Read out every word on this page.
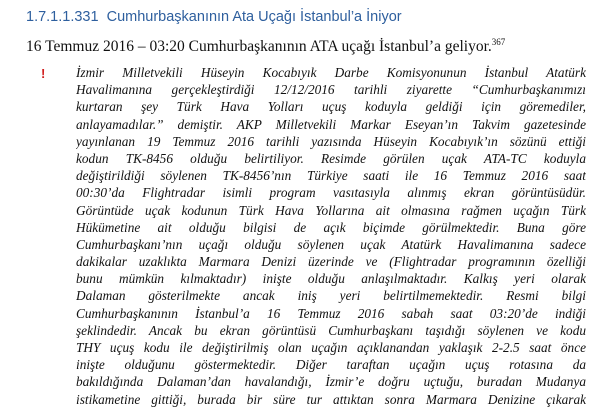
1.7.1.1.331 Cumhurbaşkanının Ata Uçağı İstanbul’a İniyor
16 Temmuz 2016 – 03:20 Cumhurbaşkanının ATA uçağı İstanbul’a geliyor.$^{367}$
! İzmir Milletvekili Hüseyin Kocabıyık Darbe Komisyonunun İstanbul Atatürk
Havalimanına gerçekleştirdiği 12/12/2016 tarihli ziyarette “Cumhurbaşkanımızı
kurtaran şey Türk Hava Yolları uçuş koduyla geldiği için göremediler,
anlayamadılar.” demiştir. AKP Milletvekili Markar Eseyan’ın Takvim gazetesinde
yayınlanan 19 Temmuz 2016 tarihli yazısında Hüseyin Kocabıyık’ın sözünü ettiği
kodun TK-8456 olduğu belirtiliyor. Resimde görülen uçak ATA-TC koduyla
değiştirildiği söylenen TK-8456’nın Türkiye saati ile 16 Temmuz 2016 saat
00:30’da Flightradar isimli program vasıtasıyla alınmış ekran görüntüsüdür.
Görüntüde uçak kodunun Türk Hava Yollarına ait olmasına rağmen uçağın Türk
Hükümetine ait olduğu bilgisi de açık biçimde görülmektedir. Buna göre
Cumhurbaşkanı’nın uçağı olduğu söylenen uçak Atatürk Havalimanına sadece
dakikalar uzaklıkta Marmara Denizi üzerinde ve (Flightradar programının özelliği
bunu mümkün kılmaktadır) inişte olduğu anlaşılmaktadır. Kalkış yeri olarak
Dalaman gösterilmekte ancak iniş yeri belirtilmemektedir. Resmi bilgi
Cumhurbaşkanının İstanbul’a 16 Temmuz 2016 sabah saat 03:20’de indiği
şeklindedir. Ancak bu ekran görüntüsü Cumhurbaşkanı taşıdığı söylenen ve kodu
THY uçuş kodu ile değiştirilmiş olan uçağın açıklanandan yaklaşık 2-2.5 saat önce
inişte olduğunu göstermektedir. Diğer taraftan uçağın uçuş rotasına da
bakıldığında Dalaman’dan havalandığı, İzmir’e doğru uçtuğu, buradan Mudanya
istikametine gittiği, burada bir süre tur attıktan sonra Marmara Denizine çıkarak
